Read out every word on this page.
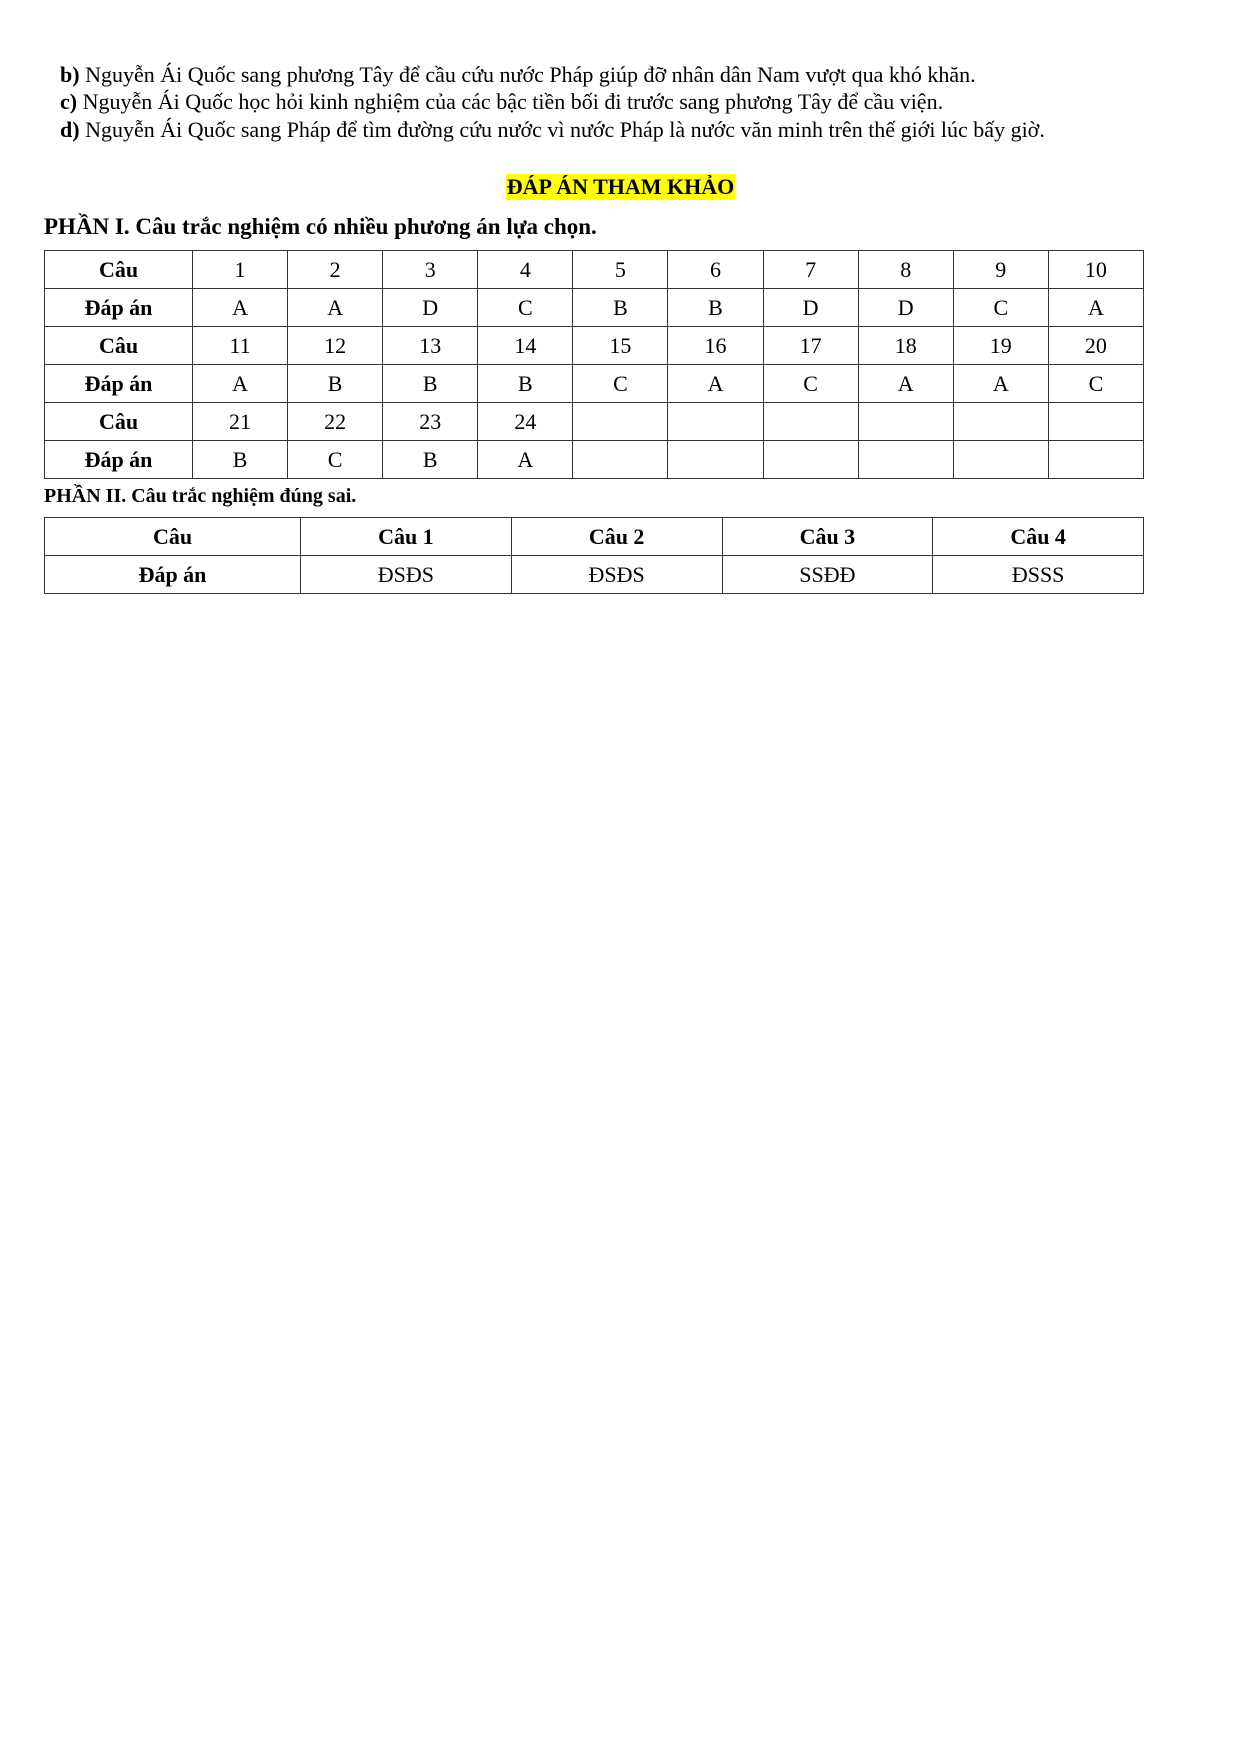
b) Nguyễn Ái Quốc sang phương Tây để cầu cứu nước Pháp giúp đỡ nhân dân Nam vượt qua khó khăn.
c) Nguyễn Ái Quốc học hỏi kinh nghiệm của các bậc tiền bối đi trước sang phương Tây để cầu viện.
d) Nguyễn Ái Quốc sang Pháp để tìm đường cứu nước vì nước Pháp là nước văn minh trên thế giới lúc bấy giờ.
ĐÁP ÁN THAM KHẢO
PHẦN I. Câu trắc nghiệm có nhiều phương án lựa chọn.
Câu	1	2	3	4	5	6	7	8	9	10
Đáp án	A	A	D	C	B	B	D	D	C	A
Câu	11	12	13	14	15	16	17	18	19	20
Đáp án	A	B	B	B	C	A	C	A	A	C
Câu	21	22	23	24						
Đáp án	B	C	B	A						
PHẦN II. Câu trắc nghiệm đúng sai.
Câu	Câu 1	Câu 2	Câu 3	Câu 4
Đáp án	ĐSĐS	ĐSĐS	SSĐĐ	ĐSSS
